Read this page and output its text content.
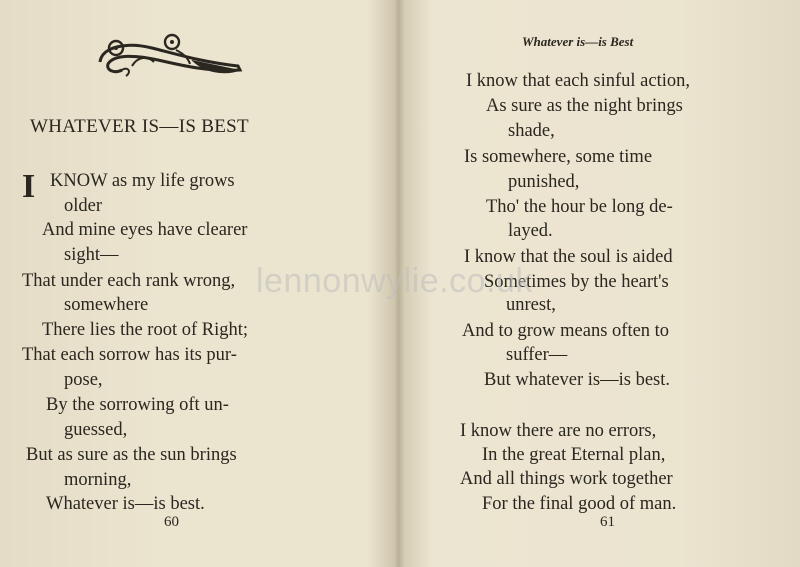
WHATEVER IS—IS BEST
I KNOW as my life grows
older
And mine eyes have clearer
sight—
That under each rank wrong,
somewhere
There lies the root of Right;
That each sorrow has its pur-
pose,
By the sorrowing oft un-
guessed,
But as sure as the sun brings
morning,
Whatever is—is best.
60
Whatever is—is Best
I know that each sinful action,
As sure as the night brings
shade,
Is somewhere, some time
punished,
Tho' the hour be long de-
layed.
I know that the soul is aided
Sometimes by the heart's
unrest,
And to grow means often to
suffer—
But whatever is—is best.
I know there are no errors,
In the great Eternal plan,
And all things work together
For the final good of man.
61
lennonwylie.co.uk
